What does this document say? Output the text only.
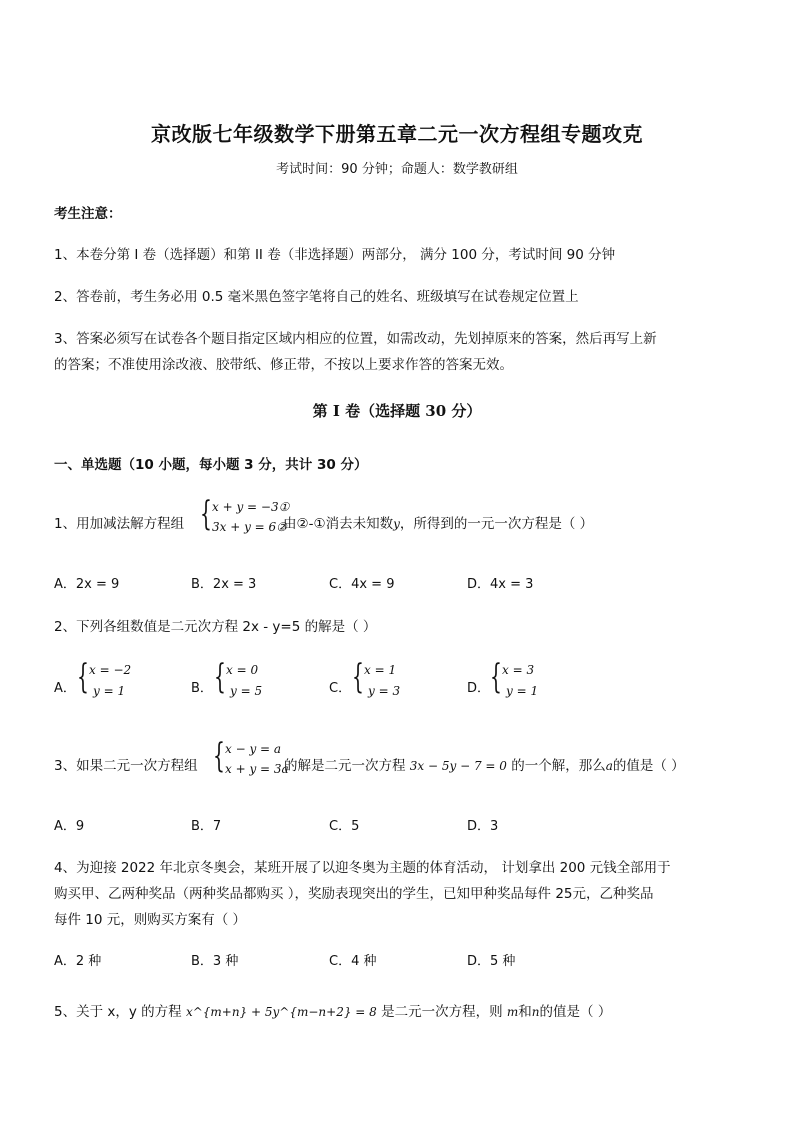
京改版七年级数学下册第五章二元一次方程组专题攻克
考试时间：90 分钟；命题人：数学教研组
考生注意：
1、本卷分第 I 卷（选择题）和第 II 卷（非选择题）两部分， 满分 100 分，考试时间 90 分钟
2、答卷前，考生务必用 0.5 毫米黑色签字笔将自己的姓名、班级填写在试卷规定位置上
3、答案必须写在试卷各个题目指定区域内相应的位置，如需改动，先划掉原来的答案，然后再写上新
的答案；不准使用涂改液、胶带纸、修正带，不按以上要求作答的答案无效。
第 I 卷（选择题 30 分）
一、单选题（10 小题，每小题 3 分，共计 30 分）
1、用加减法解方程组 { x + y = −3①
3x + y = 6②
由②-①消去未知数y，所得到的一元一次方程是（ ）
A．2x = 9	B．2x = 3	C．4x = 9	D．4x = 3
2、下列各组数值是二元次方程 2x - y=5 的解是（ ）
A． { x = −2
y = 1	B． { x = 0
y = 5	C． { x = 1
y = 3	D． { x = 3
y = 1
3、如果二元一次方程组 { x − y = a
x + y = 3a
的解是二元一次方程 3x − 5y − 7 = 0 的一个解，那么a的值是（ ）
A．9	B．7	C．5	D．3
4、为迎接 2022 年北京冬奥会，某班开展了以迎冬奥为主题的体育活动， 计划拿出 200 元钱全部用于
购买甲、乙两种奖品（两种奖品都购买 ），奖励表现突出的学生，已知甲种奖品每件 25元，乙种奖品
每件 10 元，则购买方案有（ ）
A．2 种	B．3 种	C．4 种	D．5 种
5、关于 x，y 的方程 x^{m+n} + 5y^{m−n+2} = 8 是二元一次方程，则 m和n的值是（ ）
